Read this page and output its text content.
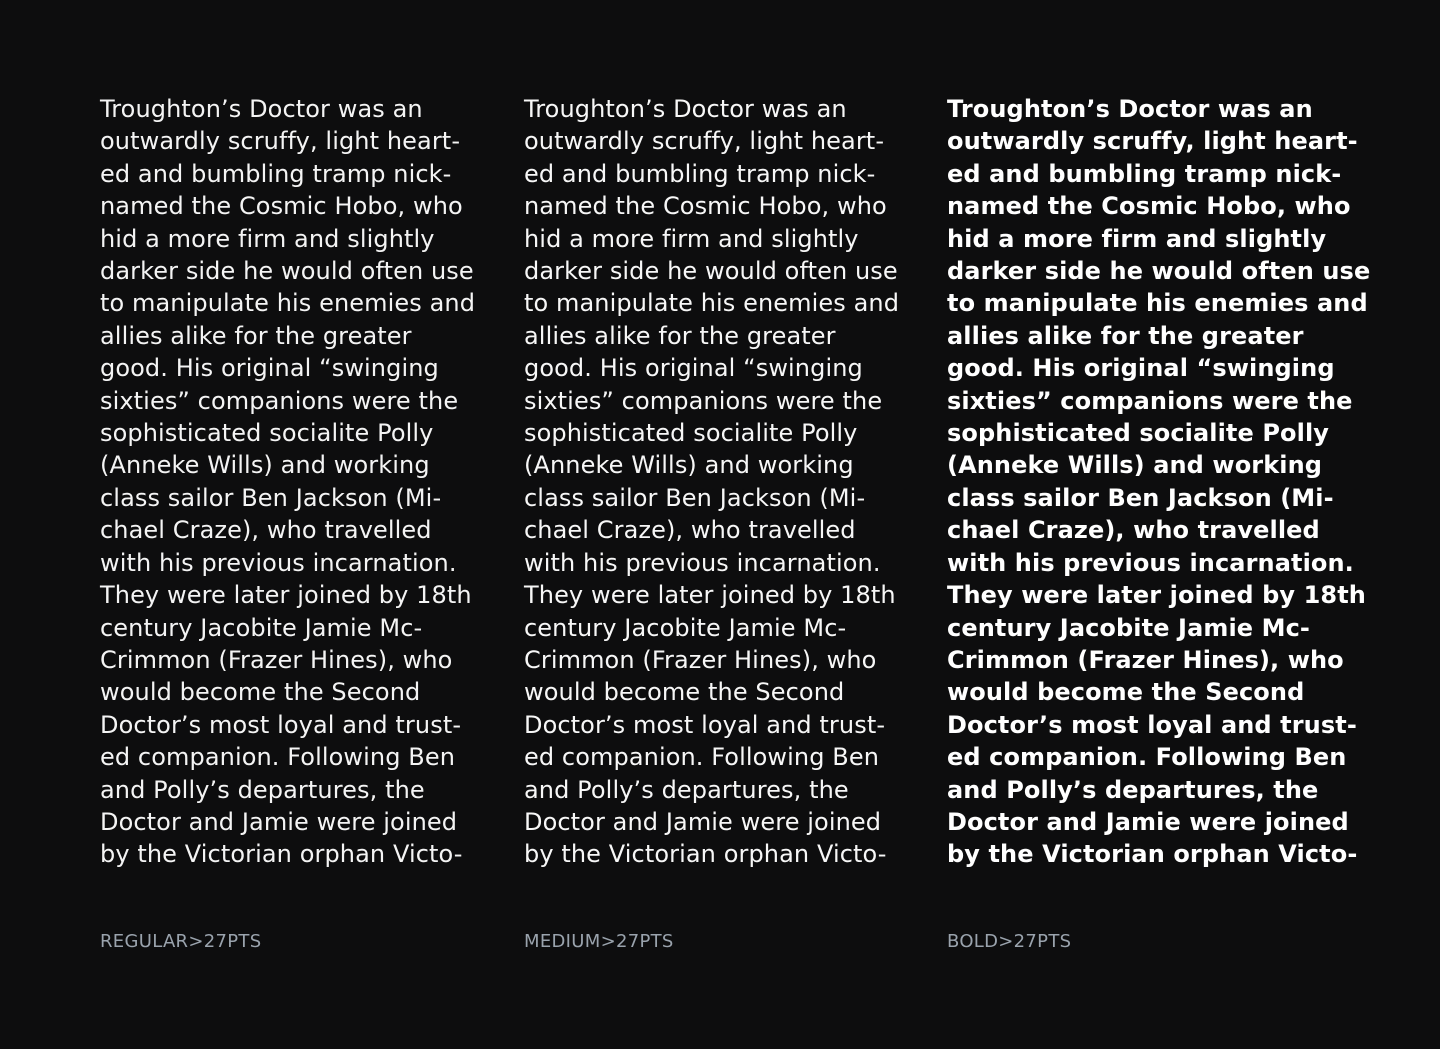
Troughton’s Doctor was an
outwardly scruffy, light heart-
ed and bumbling tramp nick-
named the Cosmic Hobo, who
hid a more firm and slightly
darker side he would often use
to manipulate his enemies and
allies alike for the greater
good. His original “swinging
sixties” companions were the
sophisticated socialite Polly
(Anneke Wills) and working
class sailor Ben Jackson (Mi-
chael Craze), who travelled
with his previous incarnation.
They were later joined by 18th
century Jacobite Jamie Mc-
Crimmon (Frazer Hines), who
would become the Second
Doctor’s most loyal and trust-
ed companion. Following Ben
and Polly’s departures, the
Doctor and Jamie were joined
by the Victorian orphan Victo-

Troughton’s Doctor was an
outwardly scruffy, light heart-
ed and bumbling tramp nick-
named the Cosmic Hobo, who
hid a more firm and slightly
darker side he would often use
to manipulate his enemies and
allies alike for the greater
good. His original “swinging
sixties” companions were the
sophisticated socialite Polly
(Anneke Wills) and working
class sailor Ben Jackson (Mi-
chael Craze), who travelled
with his previous incarnation.
They were later joined by 18th
century Jacobite Jamie Mc-
Crimmon (Frazer Hines), who
would become the Second
Doctor’s most loyal and trust-
ed companion. Following Ben
and Polly’s departures, the
Doctor and Jamie were joined
by the Victorian orphan Victo-

Troughton’s Doctor was an
outwardly scruffy, light heart-
ed and bumbling tramp nick-
named the Cosmic Hobo, who
hid a more firm and slightly
darker side he would often use
to manipulate his enemies and
allies alike for the greater
good. His original “swinging
sixties” companions were the
sophisticated socialite Polly
(Anneke Wills) and working
class sailor Ben Jackson (Mi-
chael Craze), who travelled
with his previous incarnation.
They were later joined by 18th
century Jacobite Jamie Mc-
Crimmon (Frazer Hines), who
would become the Second
Doctor’s most loyal and trust-
ed companion. Following Ben
and Polly’s departures, the
Doctor and Jamie were joined
by the Victorian orphan Victo-

REGULAR>27PTS	MEDIUM>27PTS	BOLD>27PTS
